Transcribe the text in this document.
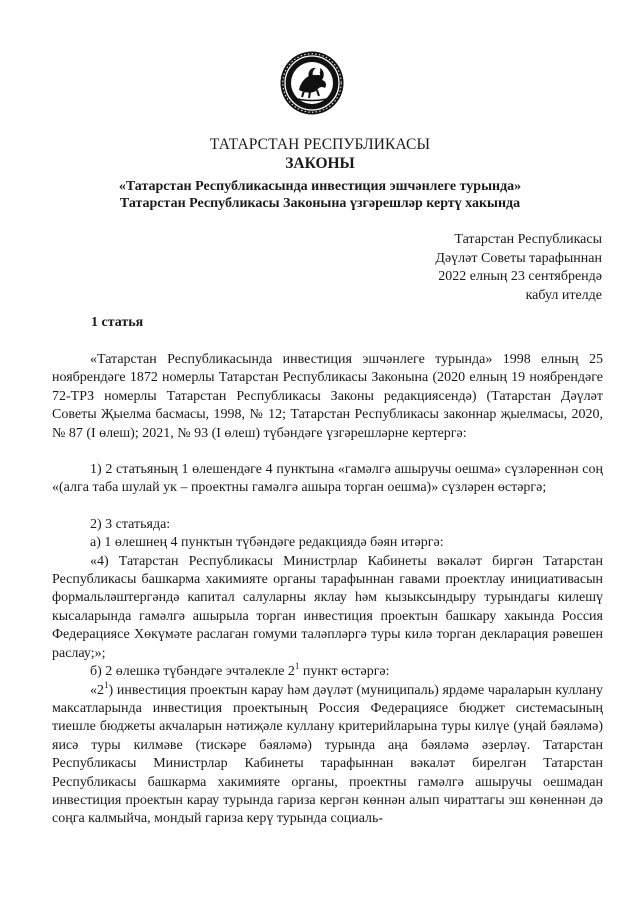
ТАТАРСТАН РЕСПУБЛИКАСЫ
ЗАКОНЫ
«Татарстан Республикасында инвестиция эшчәнлеге турында»
Татарстан Республикасы Законына үзгәрешләр кертү хакында
Татарстан Республикасы
Дәүләт Советы тарафыннан
2022 елның 23 сентябрендә
кабул ителде
1 статья

«Татарстан Республикасында инвестиция эшчәнлеге турында» 1998 елның 25 ноябрендәге 1872 номерлы Татарстан Республикасы Законына (2020 елның 19 ноябрендәге 72-ТРЗ номерлы Татарстан Республикасы Законы редакциясендә) (Татарстан Дәүләт Советы Җыелма басмасы, 1998, № 12; Татарстан Республикасы законнар җыелмасы, 2020, № 87 (I өлеш); 2021, № 93 (I өлеш) түбәндәге үзгәрешләрне кертергә:

1) 2 статьяның 1 өлешендәге 4 пунктына «гамәлгә ашыручы оешма» сүзләреннән соң «(алга таба шулай ук – проектны гамәлгә ашыра торган оешма)» сүзләрен өстәргә;

2) 3 статьяда:

а) 1 өлешнең 4 пунктын түбәндәге редакциядә бәян итәргә:

«4) Татарстан Республикасы Министрлар Кабинеты вәкаләт биргән Татарстан Республикасы башкарма хакимияте органы тарафыннан гавами проектлау инициативасын формальләштергәндә капитал салуларны яклау һәм кызыксындыру турындагы килешү кысаларында гамәлгә ашырыла торган инвестиция проектын башкару хакында Россия Федерациясе Хөкүмәте раслаган гомуми таләпләргә туры килә торган декларация рәвешен раслау;»;

б) 2 өлешкә түбәндәге эчтәлекле $2^1$ пункт өстәргә:

«$2^1$) инвестиция проектын карау һәм дәүләт (муниципаль) ярдәме чараларын куллану максатларында инвестиция проектының Россия Федерациясе бюджет системасының тиешле бюджеты акчаларын нәтиҗәле куллану критерийларына туры килүе (уңай бәяләмә) яисә туры килмәве (тискәре бәяләмә) турында аңа бәяләмә әзерләү. Татарстан Республикасы Министрлар Кабинеты тарафыннан вәкаләт бирелгән Татарстан Республикасы башкарма хакимияте органы, проектны гамәлгә ашыручы оешмадан инвестиция проектын карау турында гариза кергән көннән алып чираттагы эш көненнән дә соңга калмыйча, мондый гариза керү турында социаль-
